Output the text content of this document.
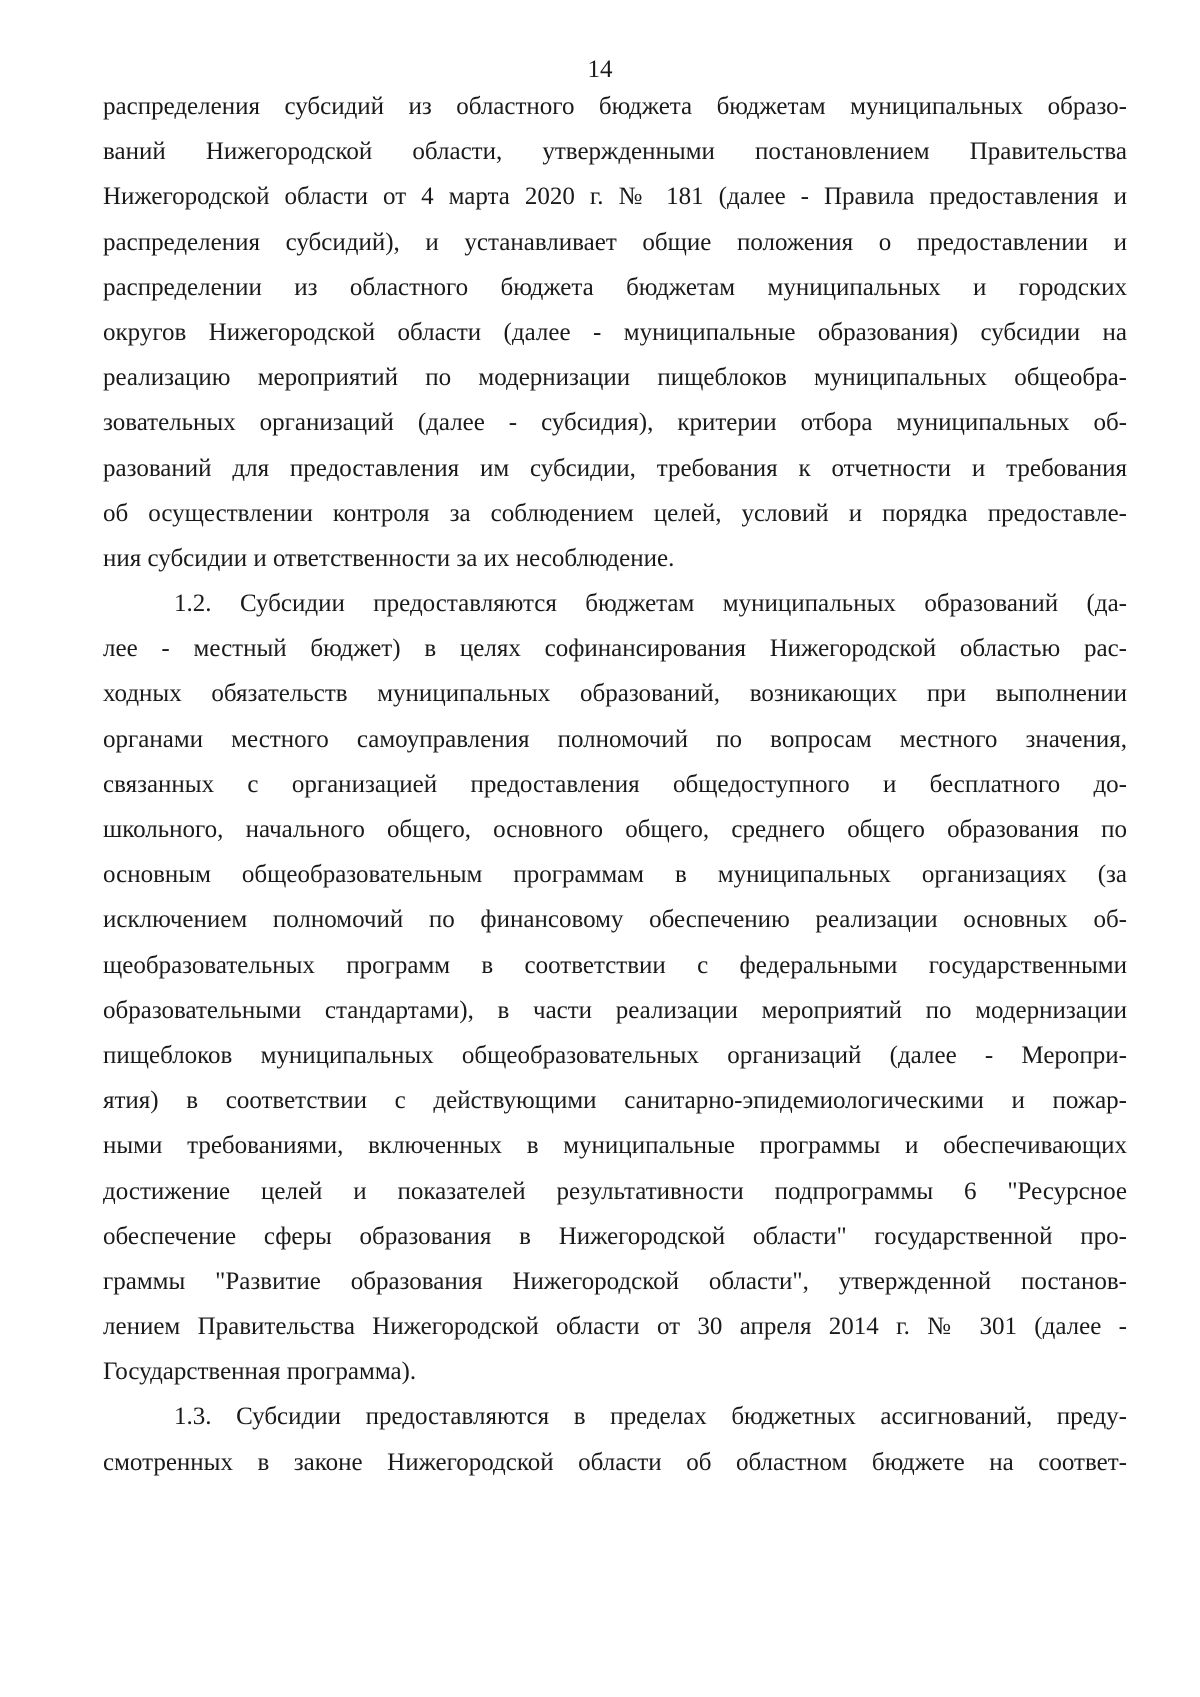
14
распределения субсидий из областного бюджета бюджетам муниципальных образо-
ваний Нижегородской области, утвержденными постановлением Правительства
Нижегородской области от 4 марта 2020 г. № 181 (далее - Правила предоставления и
распределения субсидий), и устанавливает общие положения о предоставлении и
распределении из областного бюджета бюджетам муниципальных и городских
округов Нижегородской области (далее - муниципальные образования) субсидии на
реализацию мероприятий по модернизации пищеблоков муниципальных общеобра-
зовательных организаций (далее - субсидия), критерии отбора муниципальных об-
разований для предоставления им субсидии, требования к отчетности и требования
об осуществлении контроля за соблюдением целей, условий и порядка предоставле-
ния субсидии и ответственности за их несоблюдение.
1.2. Субсидии предоставляются бюджетам муниципальных образований (да-
лее - местный бюджет) в целях софинансирования Нижегородской областью рас-
ходных обязательств муниципальных образований, возникающих при выполнении
органами местного самоуправления полномочий по вопросам местного значения,
связанных с организацией предоставления общедоступного и бесплатного до-
школьного, начального общего, основного общего, среднего общего образования по
основным общеобразовательным программам в муниципальных организациях (за
исключением полномочий по финансовому обеспечению реализации основных об-
щеобразовательных программ в соответствии с федеральными государственными
образовательными стандартами), в части реализации мероприятий по модернизации
пищеблоков муниципальных общеобразовательных организаций (далее - Меропри-
ятия) в соответствии с действующими санитарно-эпидемиологическими и пожар-
ными требованиями, включенных в муниципальные программы и обеспечивающих
достижение целей и показателей результативности подпрограммы 6 "Ресурсное
обеспечение сферы образования в Нижегородской области" государственной про-
граммы "Развитие образования Нижегородской области", утвержденной постанов-
лением Правительства Нижегородской области от 30 апреля 2014 г. № 301 (далее -
Государственная программа).
1.3. Субсидии предоставляются в пределах бюджетных ассигнований, преду-
смотренных в законе Нижегородской области об областном бюджете на соответ-
